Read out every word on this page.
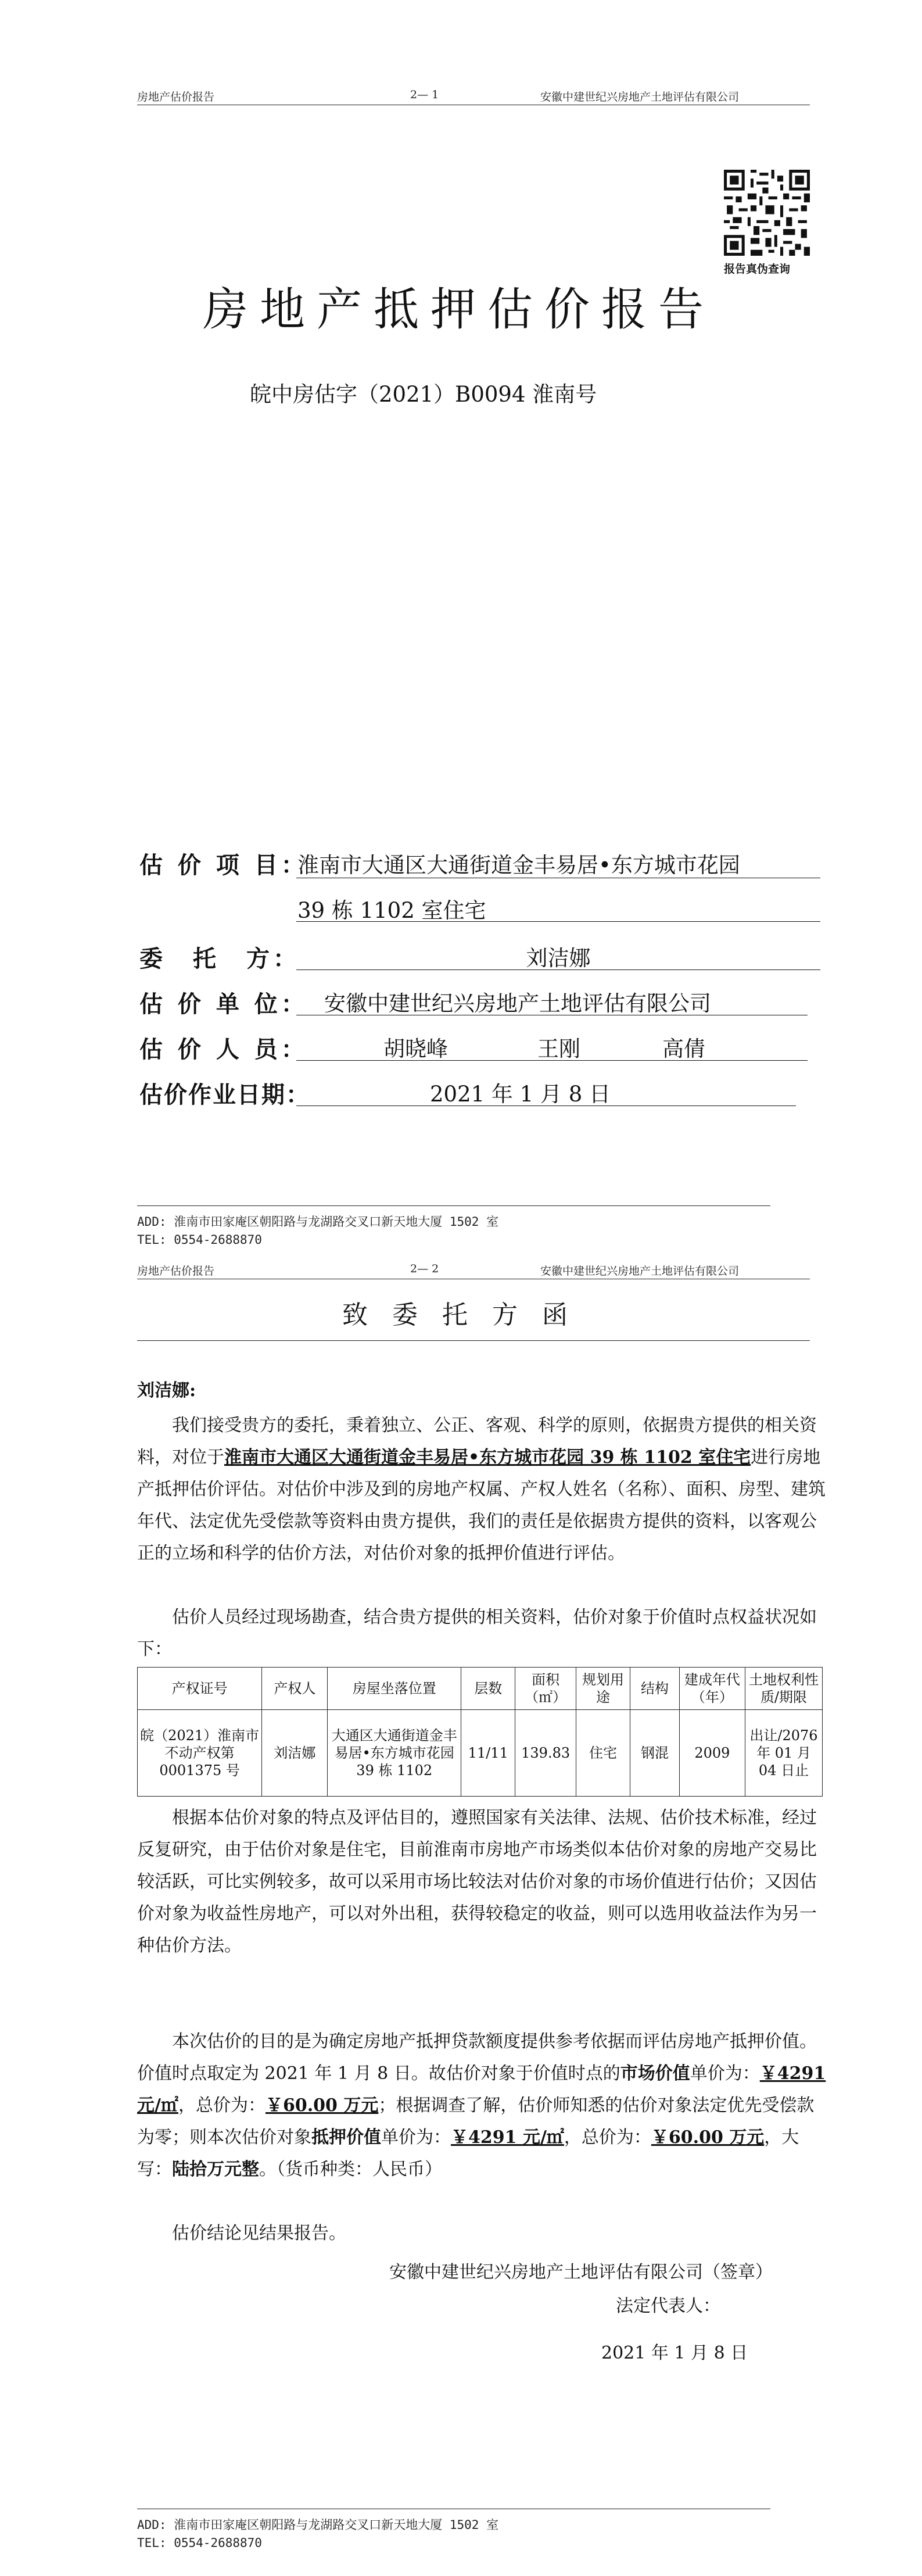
房地产估价报告	2— 1	安徽中建世纪兴房地产土地评估有限公司
报告真伪查询
房地产抵押估价报告
皖中房估字（2021）B0094 淮南号
估 价 项 目：
淮南市大通区大通街道金丰易居•东方城市花园
39 栋 1102 室住宅
委　托　方：	刘洁娜
估 价 单 位： 安徽中建世纪兴房地产土地评估有限公司
估 价 人 员：	胡晓峰	王刚	高倩
估价作业日期：	2021 年 1 月 8 日
ADD: 淮南市田家庵区朝阳路与龙湖路交叉口新天地大厦 1502 室
TEL: 0554-2688870
房地产估价报告	2— 2	安徽中建世纪兴房地产土地评估有限公司
致 委 托 方 函
刘洁娜:
我们接受贵方的委托，秉着独立、公正、客观、科学的原则，依据贵方提供的相关资料，对位于淮南市大通区大通街道金丰易居•东方城市花园 39 栋 1102 室住宅进行房地产抵押估价评估。对估价中涉及到的房地产权属、产权人姓名（名称）、面积、房型、建筑年代、法定优先受偿款等资料由贵方提供，我们的责任是依据贵方提供的资料，以客观公正的立场和科学的估价方法，对估价对象的抵押价值进行评估。
估价人员经过现场勘查，结合贵方提供的相关资料，估价对象于价值时点权益状况如下：
产权证号	产权人	房屋坐落位置	层数	面积（㎡）	规划用途	结构	建成年代（年）	土地权利性质/期限
皖（2021）淮南市不动产权第0001375 号	刘洁娜	大通区大通街道金丰易居•东方城市花园 39 栋 1102	11/11	139.83	住宅	钢混	2009	出让/2076 年 01 月 04 日止
根据本估价对象的特点及评估目的，遵照国家有关法律、法规、估价技术标准，经过反复研究，由于估价对象是住宅，目前淮南市房地产市场类似本估价对象的房地产交易比较活跃，可比实例较多，故可以采用市场比较法对估价对象的市场价值进行估价；又因估价对象为收益性房地产，可以对外出租，获得较稳定的收益，则可以选用收益法作为另一种估价方法。
本次估价的目的是为确定房地产抵押贷款额度提供参考依据而评估房地产抵押价值。价值时点取定为 2021 年 1 月 8 日。故估价对象于价值时点的市场价值单价为：￥4291 元/㎡，总价为：￥60.00 万元；根据调查了解，估价师知悉的估价对象法定优先受偿款为零；则本次估价对象抵押价值单价为：￥4291 元/㎡，总价为：￥60.00 万元，大写：陆拾万元整。（货币种类：人民币）
估价结论见结果报告。
安徽中建世纪兴房地产土地评估有限公司（签章）
法定代表人：
2021 年 1 月 8 日
ADD: 淮南市田家庵区朝阳路与龙湖路交叉口新天地大厦 1502 室
TEL: 0554-2688870
